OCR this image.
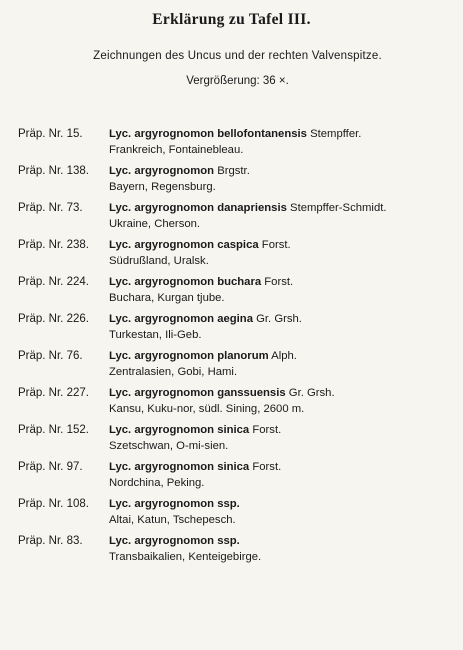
Erklärung zu Tafel III.
Zeichnungen des Uncus und der rechten Valvenspitze.
Vergrößerung: 36 ×.
Präp. Nr. 15. Lyc. argyrognomon bellofontanensis Stempffer.
Frankreich, Fontainebleau.
Präp. Nr. 138. Lyc. argyrognomon Brgstr.
Bayern, Regensburg.
Präp. Nr. 73. Lyc. argyrognomon danapriensis Stempffer-Schmidt.
Ukraine, Cherson.
Präp. Nr. 238. Lyc. argyrognomon caspica Forst.
Südrußland, Uralsk.
Präp. Nr. 224. Lyc. argyrognomon buchara Forst.
Buchara, Kurgan tjube.
Präp. Nr. 226. Lyc. argyrognomon aegina Gr. Grsh.
Turkestan, Ili-Geb.
Präp. Nr. 76. Lyc. argyrognomon planorum Alph.
Zentralasien, Gobi, Hami.
Präp. Nr. 227. Lyc. argyrognomon ganssuensis Gr. Grsh.
Kansu, Kuku-nor, südl. Sining, 2600 m.
Präp. Nr. 152. Lyc. argyrognomon sinica Forst.
Szetschwan, O-mi-sien.
Präp. Nr. 97. Lyc. argyrognomon sinica Forst.
Nordchina, Peking.
Präp. Nr. 108. Lyc. argyrognomon ssp.
Altai, Katun, Tschepesch.
Präp. Nr. 83. Lyc. argyrognomon ssp.
Transbaikalien, Kenteigebirge.
